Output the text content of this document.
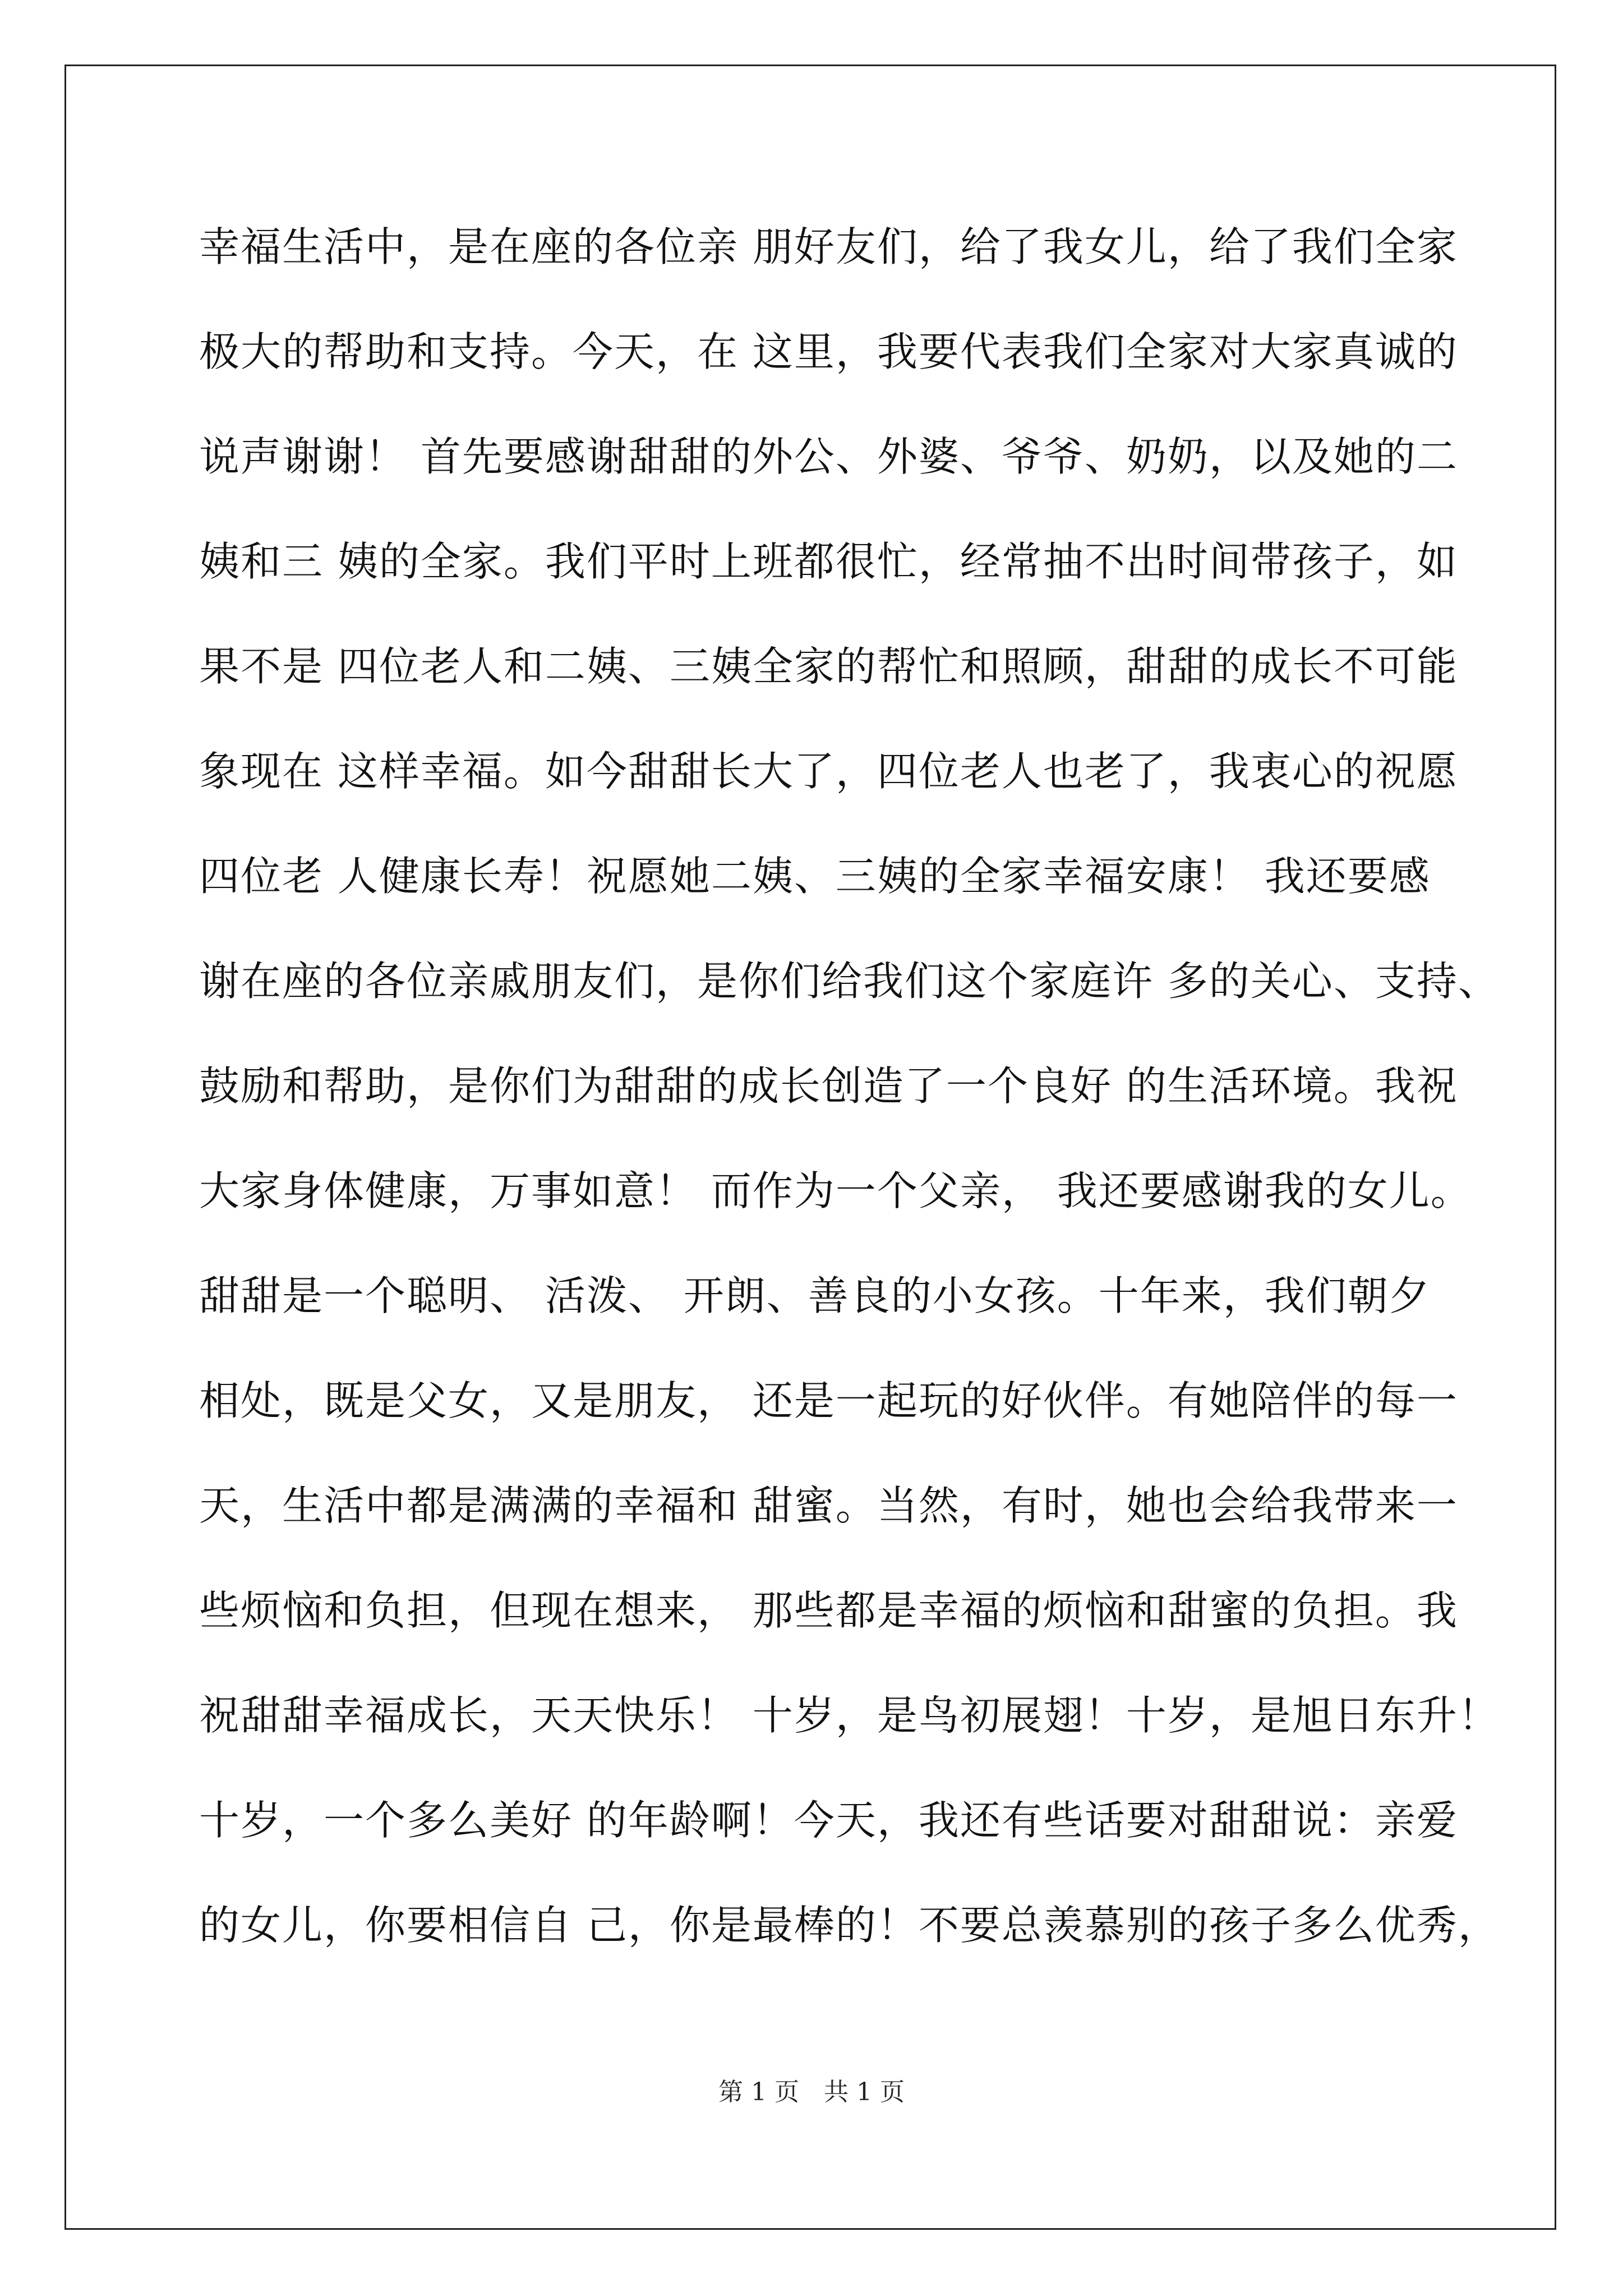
幸福生活中，是在座的各位亲 朋好友们，给了我女儿，给了我们全家
极大的帮助和支持。今天，在 这里，我要代表我们全家对大家真诚的
说声谢谢！ 首先要感谢甜甜的外公、外婆、爷爷、奶奶，以及她的二
姨和三 姨的全家。我们平时上班都很忙，经常抽不出时间带孩子，如
果不是 四位老人和二姨、三姨全家的帮忙和照顾，甜甜的成长不可能
象现在 这样幸福。如今甜甜长大了，四位老人也老了，我衷心的祝愿
四位老 人健康长寿！祝愿她二姨、三姨的全家幸福安康！ 我还要感
谢在座的各位亲戚朋友们，是你们给我们这个家庭许 多的关心、支持、
鼓励和帮助，是你们为甜甜的成长创造了一个良好 的生活环境。我祝
大家身体健康，万事如意！ 而作为一个父亲， 我还要感谢我的女儿。
甜甜是一个聪明、 活泼、 开朗、善良的小女孩。十年来，我们朝夕
相处，既是父女，又是朋友， 还是一起玩的好伙伴。有她陪伴的每一
天，生活中都是满满的幸福和 甜蜜。当然，有时，她也会给我带来一
些烦恼和负担，但现在想来， 那些都是幸福的烦恼和甜蜜的负担。我
祝甜甜幸福成长，天天快乐！ 十岁，是鸟初展翅！十岁，是旭日东升！
十岁，一个多么美好 的年龄啊！今天，我还有些话要对甜甜说：亲爱
的女儿，你要相信自 己，你是最棒的！不要总羡慕别的孩子多么优秀，
第 1 页　共 1 页
